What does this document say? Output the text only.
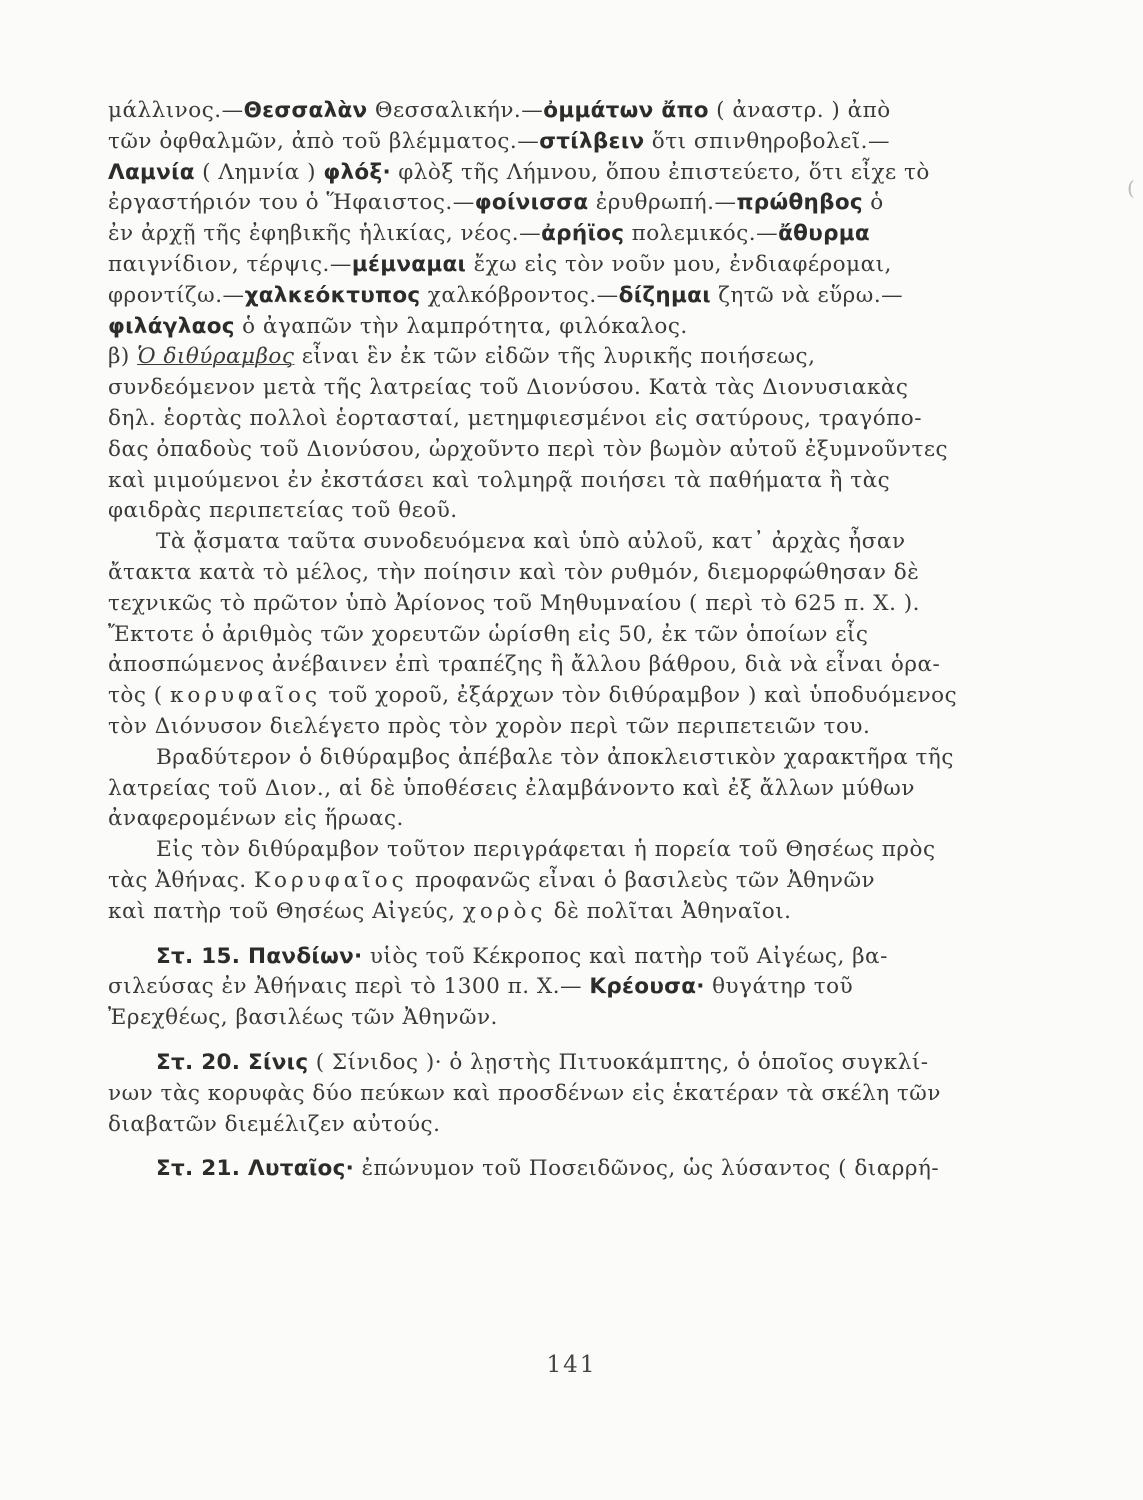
(
μάλλινος.—Θεσσαλὰν Θεσσαλικήν.—ὀμμάτων ἄπο ( ἀναστρ. ) ἀπὸ
τῶν ὀφθαλμῶν, ἀπὸ τοῦ βλέμματος.—στίλβειν ὅτι σπινθηροβολεῖ.—
Λαμνία ( Λημνία ) φλόξ· φλὸξ τῆς Λήμνου, ὅπου ἐπιστεύετο, ὅτι εἶχε τὸ
ἐργαστήριόν του ὁ Ἥφαιστος.—φοίνισσα ἐρυθρωπή.—πρώθηβος ὁ
ἐν ἀρχῇ τῆς ἐφηβικῆς ἡλικίας, νέος.—ἀρήϊος πολεμικός.—ἄθυρμα
παιγνίδιον, τέρψις.—μέμναμαι ἔχω εἰς τὸν νοῦν μου, ἐνδιαφέρομαι,
φροντίζω.—χαλκεόκτυπος χαλκόβροντος.—δίζημαι ζητῶ νὰ εὕρω.—
φιλάγλαος ὁ ἀγαπῶν τὴν λαμπρότητα, φιλόκαλος.
β) Ὁ διθύραμβος εἶναι ἓν ἐκ τῶν εἰδῶν τῆς λυρικῆς ποιήσεως,
συνδεόμενον μετὰ τῆς λατρείας τοῦ Διονύσου. Κατὰ τὰς Διονυσιακὰς
δηλ. ἑορτὰς πολλοὶ ἑορτασταί, μετημφιεσμένοι εἰς σατύρους, τραγόπο-
δας ὀπαδοὺς τοῦ Διονύσου, ὠρχοῦντο περὶ τὸν βωμὸν αὐτοῦ ἐξυμνοῦντες
καὶ μιμούμενοι ἐν ἐκστάσει καὶ τολμηρᾷ ποιήσει τὰ παθήματα ἢ τὰς
φαιδρὰς περιπετείας τοῦ θεοῦ.
Τὰ ᾄσματα ταῦτα συνοδευόμενα καὶ ὑπὸ αὐλοῦ, κατ᾽ ἀρχὰς ἦσαν
ἄτακτα κατὰ τὸ μέλος, τὴν ποίησιν καὶ τὸν ρυθμόν, διεμορφώθησαν δὲ
τεχνικῶς τὸ πρῶτον ὑπὸ Ἀρίονος τοῦ Μηθυμναίου ( περὶ τὸ 625 π. Χ. ).
Ἔκτοτε ὁ ἀριθμὸς τῶν χορευτῶν ὡρίσθη εἰς 50, ἐκ τῶν ὁποίων εἷς
ἀποσπώμενος ἀνέβαινεν ἐπὶ τραπέζης ἢ ἄλλου βάθρου, διὰ νὰ εἶναι ὁρα-
τὸς ( κορυφαῖος τοῦ χοροῦ, ἐξάρχων τὸν διθύραμβον ) καὶ ὑποδυόμενος
τὸν Διόνυσον διελέγετο πρὸς τὸν χορὸν περὶ τῶν περιπετειῶν του.
Βραδύτερον ὁ διθύραμβος ἀπέβαλε τὸν ἀποκλειστικὸν χαρακτῆρα τῆς
λατρείας τοῦ Διον., αἱ δὲ ὑποθέσεις ἐλαμβάνοντο καὶ ἐξ ἄλλων μύθων
ἀναφερομένων εἰς ἥρωας.
Εἰς τὸν διθύραμβον τοῦτον περιγράφεται ἡ πορεία τοῦ Θησέως πρὸς
τὰς Ἀθήνας. Κορυφαῖος προφανῶς εἶναι ὁ βασιλεὺς τῶν Ἀθηνῶν
καὶ πατὴρ τοῦ Θησέως Αἰγεύς, χορὸς δὲ πολῖται Ἀθηναῖοι.
Στ. 15. Πανδίων· υἱὸς τοῦ Κέκροπος καὶ πατὴρ τοῦ Αἰγέως, βα-
σιλεύσας ἐν Ἀθήναις περὶ τὸ 1300 π. Χ.— Κρέουσα· θυγάτηρ τοῦ
Ἐρεχθέως, βασιλέως τῶν Ἀθηνῶν.
Στ. 20. Σίνις ( Σίνιδος )· ὁ λῃστὴς Πιτυοκάμπτης, ὁ ὁποῖος συγκλί-
νων τὰς κορυφὰς δύο πεύκων καὶ προσδένων εἰς ἑκατέραν τὰ σκέλη τῶν
διαβατῶν διεμέλιζεν αὐτούς.
Στ. 21. Λυταῖος· ἐπώνυμον τοῦ Ποσειδῶνος, ὡς λύσαντος ( διαρρή-
141
